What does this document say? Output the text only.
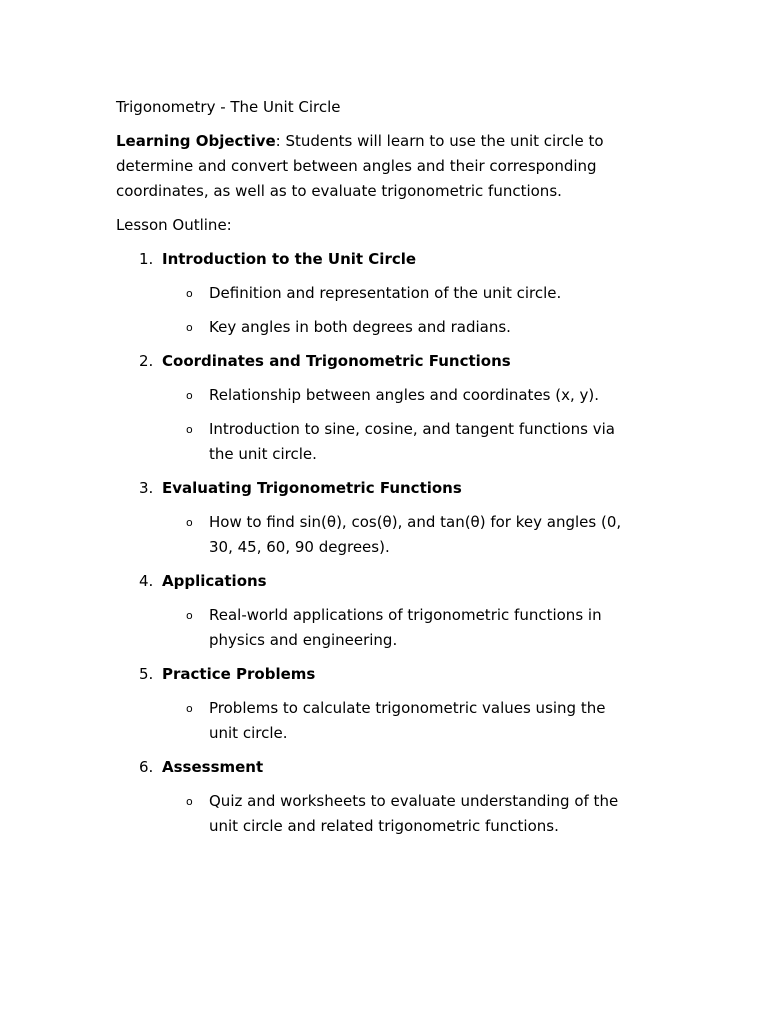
Trigonometry - The Unit Circle

Learning Objective: Students will learn to use the unit circle to determine and convert between angles and their corresponding coordinates, as well as to evaluate trigonometric functions.
Lesson Outline:
1. Introduction to the Unit Circle
o	Definition and representation of the unit circle.
o	Key angles in both degrees and radians.
2. Coordinates and Trigonometric Functions
o	Relationship between angles and coordinates (x, y).
o	Introduction to sine, cosine, and tangent functions via the unit circle.
3. Evaluating Trigonometric Functions
o	How to find sin(θ), cos(θ), and tan(θ) for key angles (0, 30, 45, 60, 90 degrees).
4. Applications
o	Real-world applications of trigonometric functions in physics and engineering.
5. Practice Problems
o	Problems to calculate trigonometric values using the unit circle.
6. Assessment
o	Quiz and worksheets to evaluate understanding of the unit circle and related trigonometric functions.
